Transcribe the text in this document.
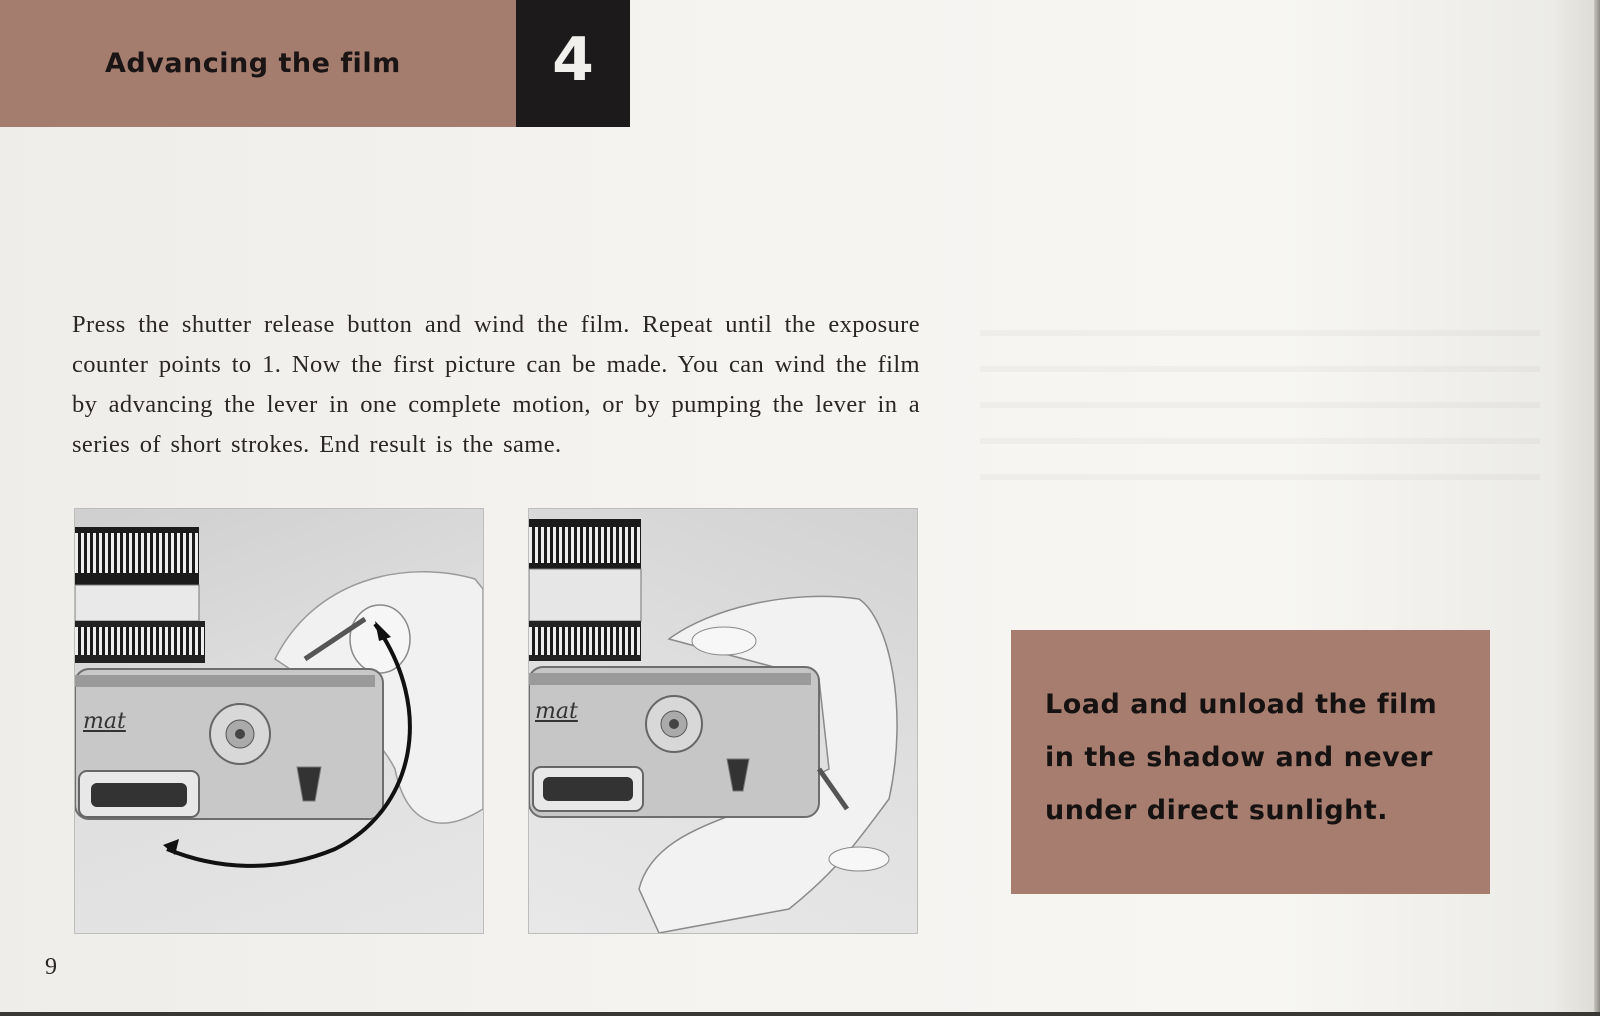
Advancing the film	4

Press the shutter release button and wind the film. Repeat until the exposure counter points to 1. Now the first picture can be made. You can wind the film by advancing the lever in one complete motion, or by pumping the lever in a series of short strokes. End result is the same.

mat	mat	Load and unload the film
in the shadow and never
under direct sunlight.
9
